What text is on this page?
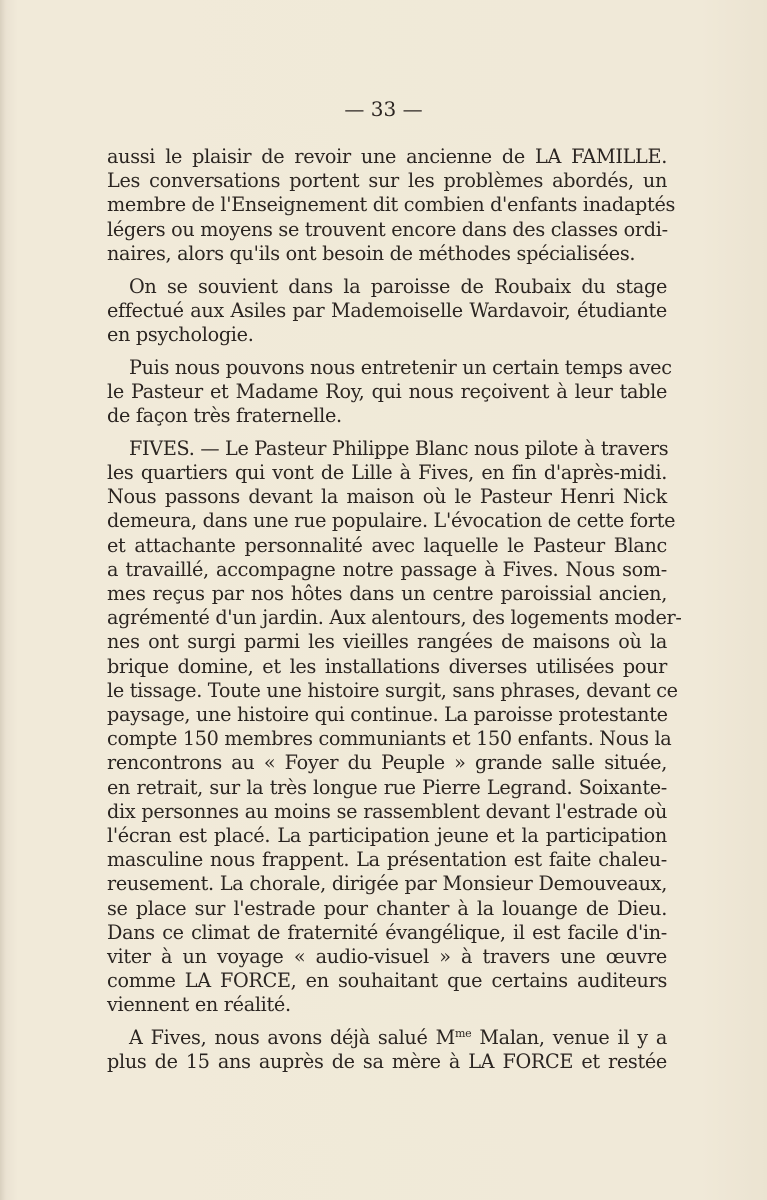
— 33 —
aussi le plaisir de revoir une ancienne de LA FAMILLE.
Les conversations portent sur les problèmes abordés, un
membre de l'Enseignement dit combien d'enfants inadaptés
légers ou moyens se trouvent encore dans des classes ordi-
naires, alors qu'ils ont besoin de méthodes spécialisées.
On se souvient dans la paroisse de Roubaix du stage
effectué aux Asiles par Mademoiselle Wardavoir, étudiante
en psychologie.
Puis nous pouvons nous entretenir un certain temps avec
le Pasteur et Madame Roy, qui nous reçoivent à leur table
de façon très fraternelle.
FIVES. — Le Pasteur Philippe Blanc nous pilote à travers
les quartiers qui vont de Lille à Fives, en fin d'après-midi.
Nous passons devant la maison où le Pasteur Henri Nick
demeura, dans une rue populaire. L'évocation de cette forte
et attachante personnalité avec laquelle le Pasteur Blanc
a travaillé, accompagne notre passage à Fives. Nous som-
mes reçus par nos hôtes dans un centre paroissial ancien,
agrémenté d'un jardin. Aux alentours, des logements moder-
nes ont surgi parmi les vieilles rangées de maisons où la
brique domine, et les installations diverses utilisées pour
le tissage. Toute une histoire surgit, sans phrases, devant ce
paysage, une histoire qui continue. La paroisse protestante
compte 150 membres communiants et 150 enfants. Nous la
rencontrons au « Foyer du Peuple » grande salle située,
en retrait, sur la très longue rue Pierre Legrand. Soixante-
dix personnes au moins se rassemblent devant l'estrade où
l'écran est placé. La participation jeune et la participation
masculine nous frappent. La présentation est faite chaleu-
reusement. La chorale, dirigée par Monsieur Demouveaux,
se place sur l'estrade pour chanter à la louange de Dieu.
Dans ce climat de fraternité évangélique, il est facile d'in-
viter à un voyage « audio-visuel » à travers une œuvre
comme LA FORCE, en souhaitant que certains auditeurs
viennent en réalité.
A Fives, nous avons déjà salué $M^{me}$ Malan, venue il y a
plus de 15 ans auprès de sa mère à LA FORCE et restée
